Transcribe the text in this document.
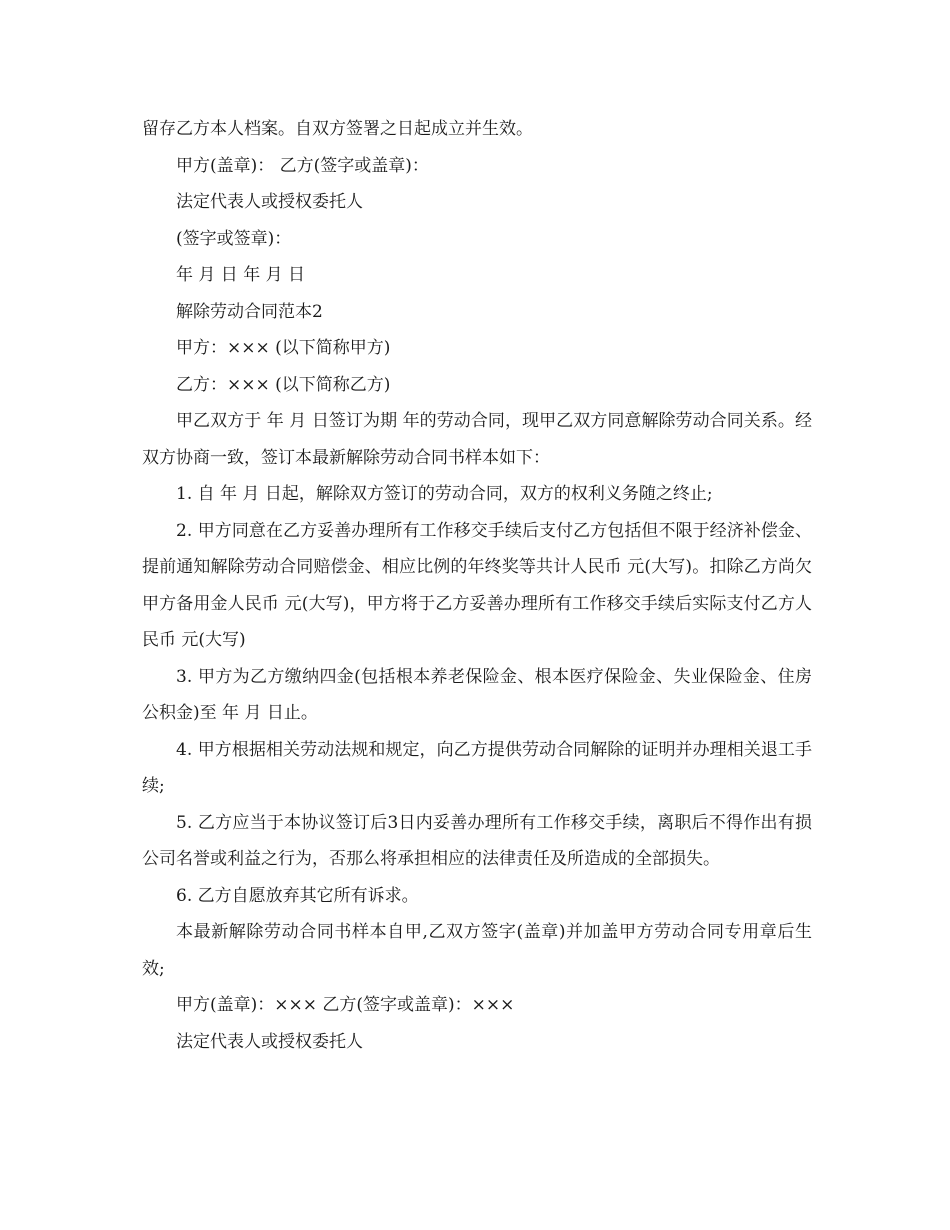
留存乙方本人档案。自双方签署之日起成立并生效。

甲方(盖章)： 乙方(签字或盖章)：

法定代表人或授权委托人

(签字或签章)：

年 月 日 年 月 日

解除劳动合同范本2

甲方：××× (以下简称甲方)

乙方：××× (以下简称乙方)

甲乙双方于 年 月 日签订为期 年的劳动合同，现甲乙双方同意解除劳动合同关系。经双方协商一致，签订本最新解除劳动合同书样本如下：

1. 自 年 月 日起，解除双方签订的劳动合同，双方的权利义务随之终止;

2. 甲方同意在乙方妥善办理所有工作移交手续后支付乙方包括但不限于经济补偿金、提前通知解除劳动合同赔偿金、相应比例的年终奖等共计人民币 元(大写)。扣除乙方尚欠甲方备用金人民币 元(大写)，甲方将于乙方妥善办理所有工作移交手续后实际支付乙方人民币 元(大写)

3. 甲方为乙方缴纳四金(包括根本养老保险金、根本医疗保险金、失业保险金、住房公积金)至 年 月 日止。

4. 甲方根据相关劳动法规和规定，向乙方提供劳动合同解除的证明并办理相关退工手续;

5. 乙方应当于本协议签订后3日内妥善办理所有工作移交手续，离职后不得作出有损公司名誉或利益之行为，否那么将承担相应的法律责任及所造成的全部损失。

6. 乙方自愿放弃其它所有诉求。

本最新解除劳动合同书样本自甲,乙双方签字(盖章)并加盖甲方劳动合同专用章后生效;

甲方(盖章)：××× 乙方(签字或盖章)：×××

法定代表人或授权委托人
